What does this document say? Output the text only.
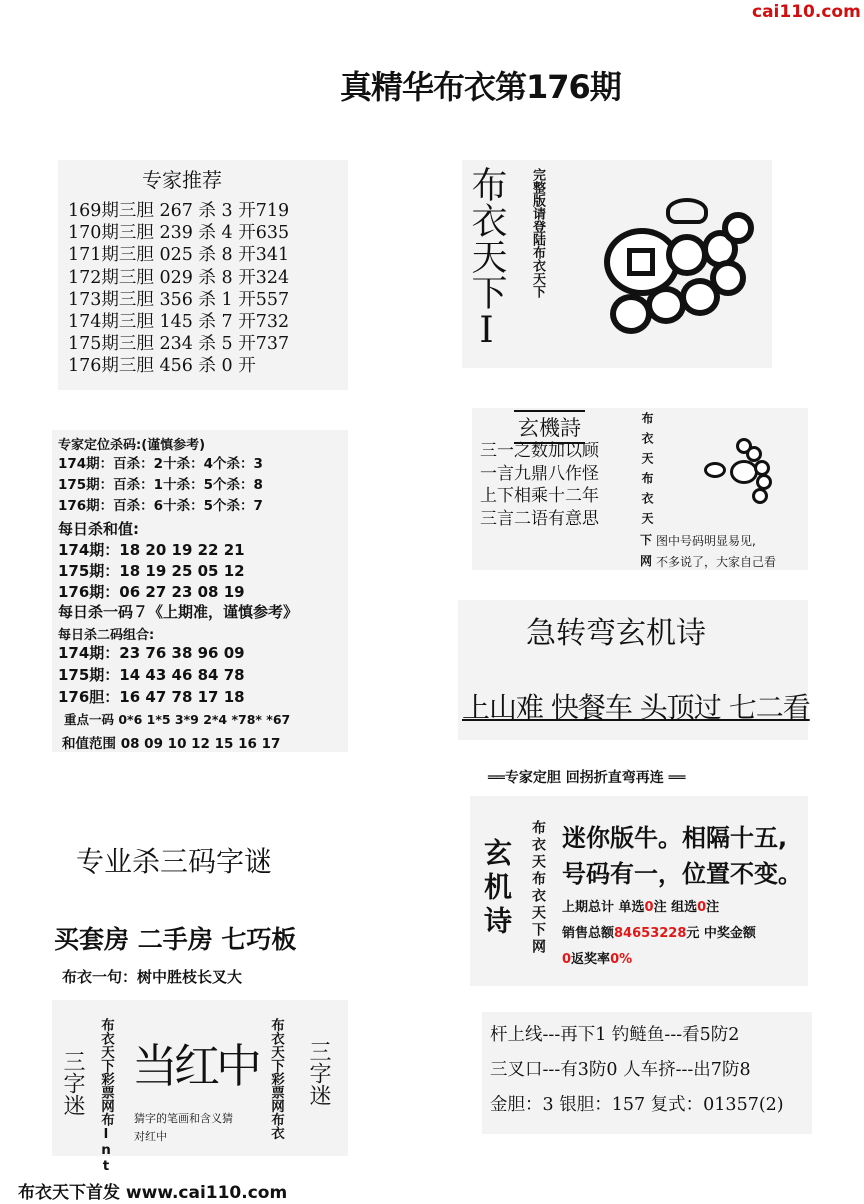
cai110.com
真精华布衣第176期
专家推荐
169期三胆 267 杀 3 开719
170期三胆 239 杀 4 开635
171期三胆 025 杀 8 开341
172期三胆 029 杀 8 开324
173期三胆 356 杀 1 开557
174期三胆 145 杀 7 开732
175期三胆 234 杀 5 开737
176期三胆 456 杀 0 开
专家定位杀码:(谨慎参考)
174期：百杀：2十杀：4个杀：3
175期：百杀：1十杀：5个杀：8
176期：百杀：6十杀：5个杀：7
每日杀和值:
174期：18 20 19 22 21
175期：18 19 25 05 12
176期：06 27 23 08 19
每日杀一码７《上期准，谨慎参考》
每日杀二码组合:
174期：23 76 38 96 09
175期：14 43 46 84 78
176胆：16 47 78 17 18
重点一码 0*6 1*5 3*9 2*4 *78* *67
和值范围 08 09 10 12 15 16 17
布衣天下I 完整版请登陆布衣天下
玄機詩
三一之数加以顾
一言九鼎八作怪
上下相乘十二年
三言二语有意思	布衣天布衣天
下 图中号码明显易见,
网 不多说了，大家自己看
急转弯玄机诗
上山难 快餐车 头顶过 七二看
══专家定胆 回拐折直弯再连 ══
玄机诗 布衣天布衣天下网 迷你版牛。相隔十五,
号码有一，位置不变。
上期总计 单选0注 组选0注
销售总额84653228元 中奖金额
0返奖率0%
杆上线---再下1 钓鲢鱼---看5防2
三叉口---有3防0 人车挤---出7防8
金胆：3 银胆：157 复式：01357(2)
专业杀三码字谜
买套房 二手房 七巧板
布衣一句：树中胜枝长叉大
三字迷 布衣天下彩票网布lnt 当红中
猜字的笔画和含义猜
对红中	布衣天下彩票网布衣 三字迷
布衣天下首发 www.cai110.com
